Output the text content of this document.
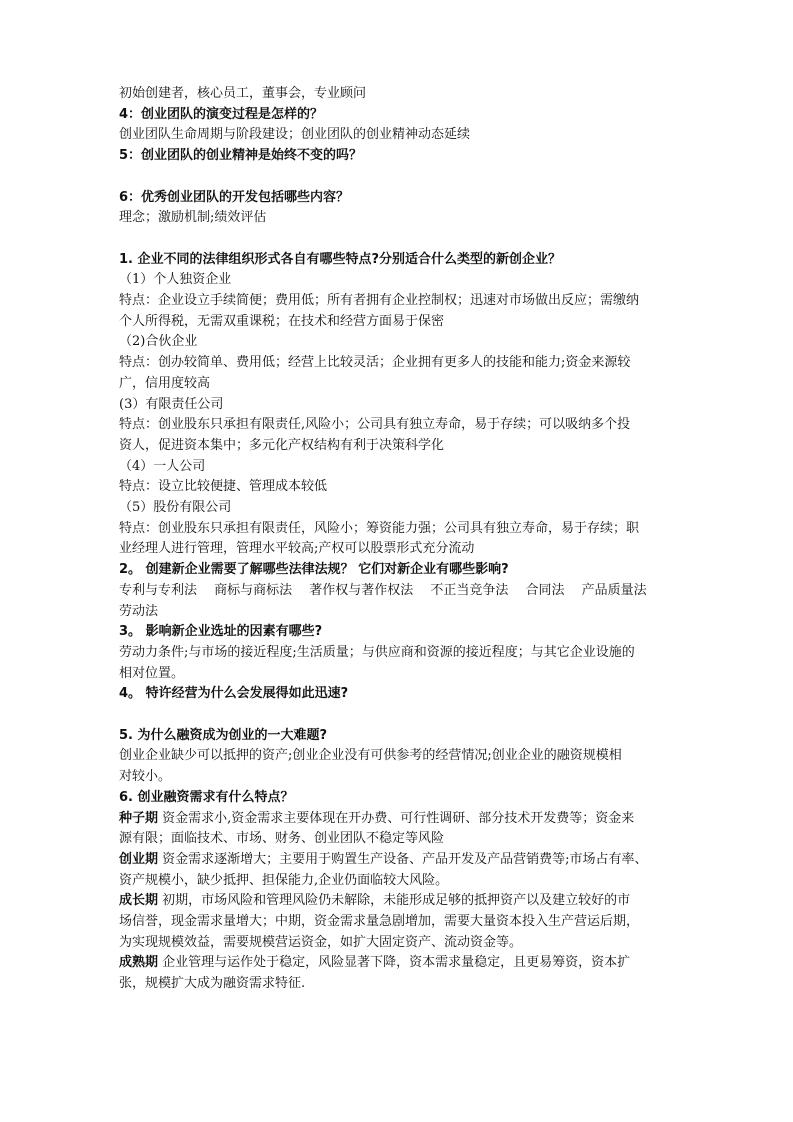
初始创建者，核心员工，董事会，专业顾问
4：创业团队的演变过程是怎样的？
创业团队生命周期与阶段建设；创业团队的创业精神动态延续
5：创业团队的创业精神是始终不变的吗？
6：优秀创业团队的开发包括哪些内容？
理念；激励机制;绩效评估
1. 企业不同的法律组织形式各自有哪些特点?分别适合什么类型的新创企业？
（1）个人独资企业
特点：企业设立手续简便；费用低；所有者拥有企业控制权；迅速对市场做出反应；需缴纳
个人所得税，无需双重课税；在技术和经营方面易于保密
（2)合伙企业
特点：创办较简单、费用低；经营上比较灵活；企业拥有更多人的技能和能力;资金来源较
广，信用度较高
(3）有限责任公司
特点：创业股东只承担有限责任,风险小；公司具有独立寿命，易于存续；可以吸纳多个投
资人，促进资本集中；多元化产权结构有利于决策科学化
（4）一人公司
特点：设立比较便捷、管理成本较低
（5）股份有限公司
特点：创业股东只承担有限责任，风险小；筹资能力强；公司具有独立寿命，易于存续；职
业经理人进行管理，管理水平较高;产权可以股票形式充分流动
2。 创建新企业需要了解哪些法律法规？ 它们对新企业有哪些影响?
专利与专利法　 商标与商标法　 著作权与著作权法　 不正当竞争法　 合同法　 产品质量法
劳动法
3。 影响新企业选址的因素有哪些?
劳动力条件;与市场的接近程度;生活质量；与供应商和资源的接近程度；与其它企业设施的
相对位置。
4。 特许经营为什么会发展得如此迅速?
5. 为什么融资成为创业的一大难题?
创业企业缺少可以抵押的资产;创业企业没有可供参考的经营情况;创业企业的融资规模相
对较小。
6. 创业融资需求有什么特点？
种子期 资金需求小,资金需求主要体现在开办费、可行性调研、部分技术开发费等；资金来
源有限；面临技术、市场、财务、创业团队不稳定等风险
创业期 资金需求逐渐增大；主要用于购置生产设备、产品开发及产品营销费等;市场占有率、
资产规模小，缺少抵押、担保能力,企业仍面临较大风险。
成长期 初期，市场风险和管理风险仍未解除，未能形成足够的抵押资产以及建立较好的市
场信誉，现金需求量增大；中期，资金需求量急剧增加，需要大量资本投入生产营运后期，
为实现规模效益，需要规模营运资金，如扩大固定资产、流动资金等。
成熟期 企业管理与运作处于稳定，风险显著下降，资本需求量稳定，且更易筹资，资本扩
张，规模扩大成为融资需求特征.
